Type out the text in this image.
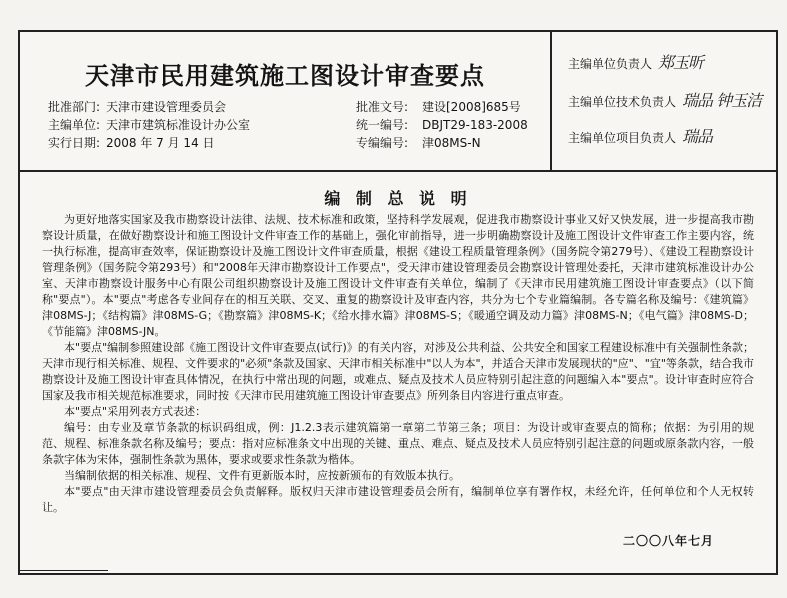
天津市民用建筑施工图设计审查要点
批准部门: 天津市建设管理委员会
主编单位: 天津市建筑标准设计办公室
实行日期: 2008 年 7 月 14 日
批准文号: 建设[2008]685号
统一编号: DBJT29-183-2008
专编编号: 津08MS-N
主编单位负责人 郑玉昕
主编单位技术负责人 瑞品 钟玉洁
主编单位项目负责人 瑞品
编 制 总 说 明

为更好地落实国家及我市勘察设计法律、法规、技术标准和政策，坚持科学发展观，促进我市勘察设计事业又好又快发展，进一步提高我市勘察设计质量，在做好勘察设计和施工图设计文件审查工作的基础上，强化审前指导，进一步明确勘察设计及施工图设计文件审查工作主要内容，统一执行标准，提高审查效率，保证勘察设计及施工图设计文件审查质量，根据《建设工程质量管理条例》（国务院令第279号）、《建设工程勘察设计管理条例》（国务院令第293号）和"2008年天津市勘察设计工作要点"，受天津市建设管理委员会勘察设计管理处委托，天津市建筑标准设计办公室、天津市勘察设计服务中心有限公司组织勘察设计及施工图设计文件审查有关单位，编制了《天津市民用建筑施工图设计审查要点》（以下简称"要点"）。本"要点"考虑各专业间存在的相互关联、交叉、重复的勘察设计及审查内容，共分为七个专业篇编制。各专篇名称及编号：《建筑篇》津08MS-J；《结构篇》津08MS-G；《勘察篇》津08MS-K；《给水排水篇》津08MS-S；《暖通空调及动力篇》津08MS-N；《电气篇》津08MS-D；《节能篇》津08MS-JN。

本"要点"编制参照建设部《施工图设计文件审查要点(试行)》的有关内容，对涉及公共利益、公共安全和国家工程建设标准中有关强制性条款；天津市现行相关标准、规程、文件要求的"必须"条款及国家、天津市相关标准中"以人为本"，并适合天津市发展现状的"应"、"宜"等条款，结合我市勘察设计及施工图设计审查具体情况，在执行中常出现的问题，或难点、疑点及技术人员应特别引起注意的问题编入本"要点"。设计审查时应符合国家及我市相关规范标准要求，同时按《天津市民用建筑施工图设计审查要点》所列条目内容进行重点审查。

本"要点"采用列表方式表述：

编号：由专业及章节条款的标识码组成，例：J1.2.3表示建筑篇第一章第二节第三条；项目：为设计或审查要点的简称；依据：为引用的规范、规程、标准条款名称及编号；要点：指对应标准条文中出现的关键、重点、难点、疑点及技术人员应特别引起注意的问题或原条款内容，一般条款字体为宋体，强制性条款为黑体，要求或要求性条款为楷体。

当编制依据的相关标准、规程、文件有更新版本时，应按新颁布的有效版本执行。

本"要点"由天津市建设管理委员会负责解释。版权归天津市建设管理委员会所有，编制单位享有署作权，未经允许，任何单位和个人无权转让。

二〇〇八年七月
